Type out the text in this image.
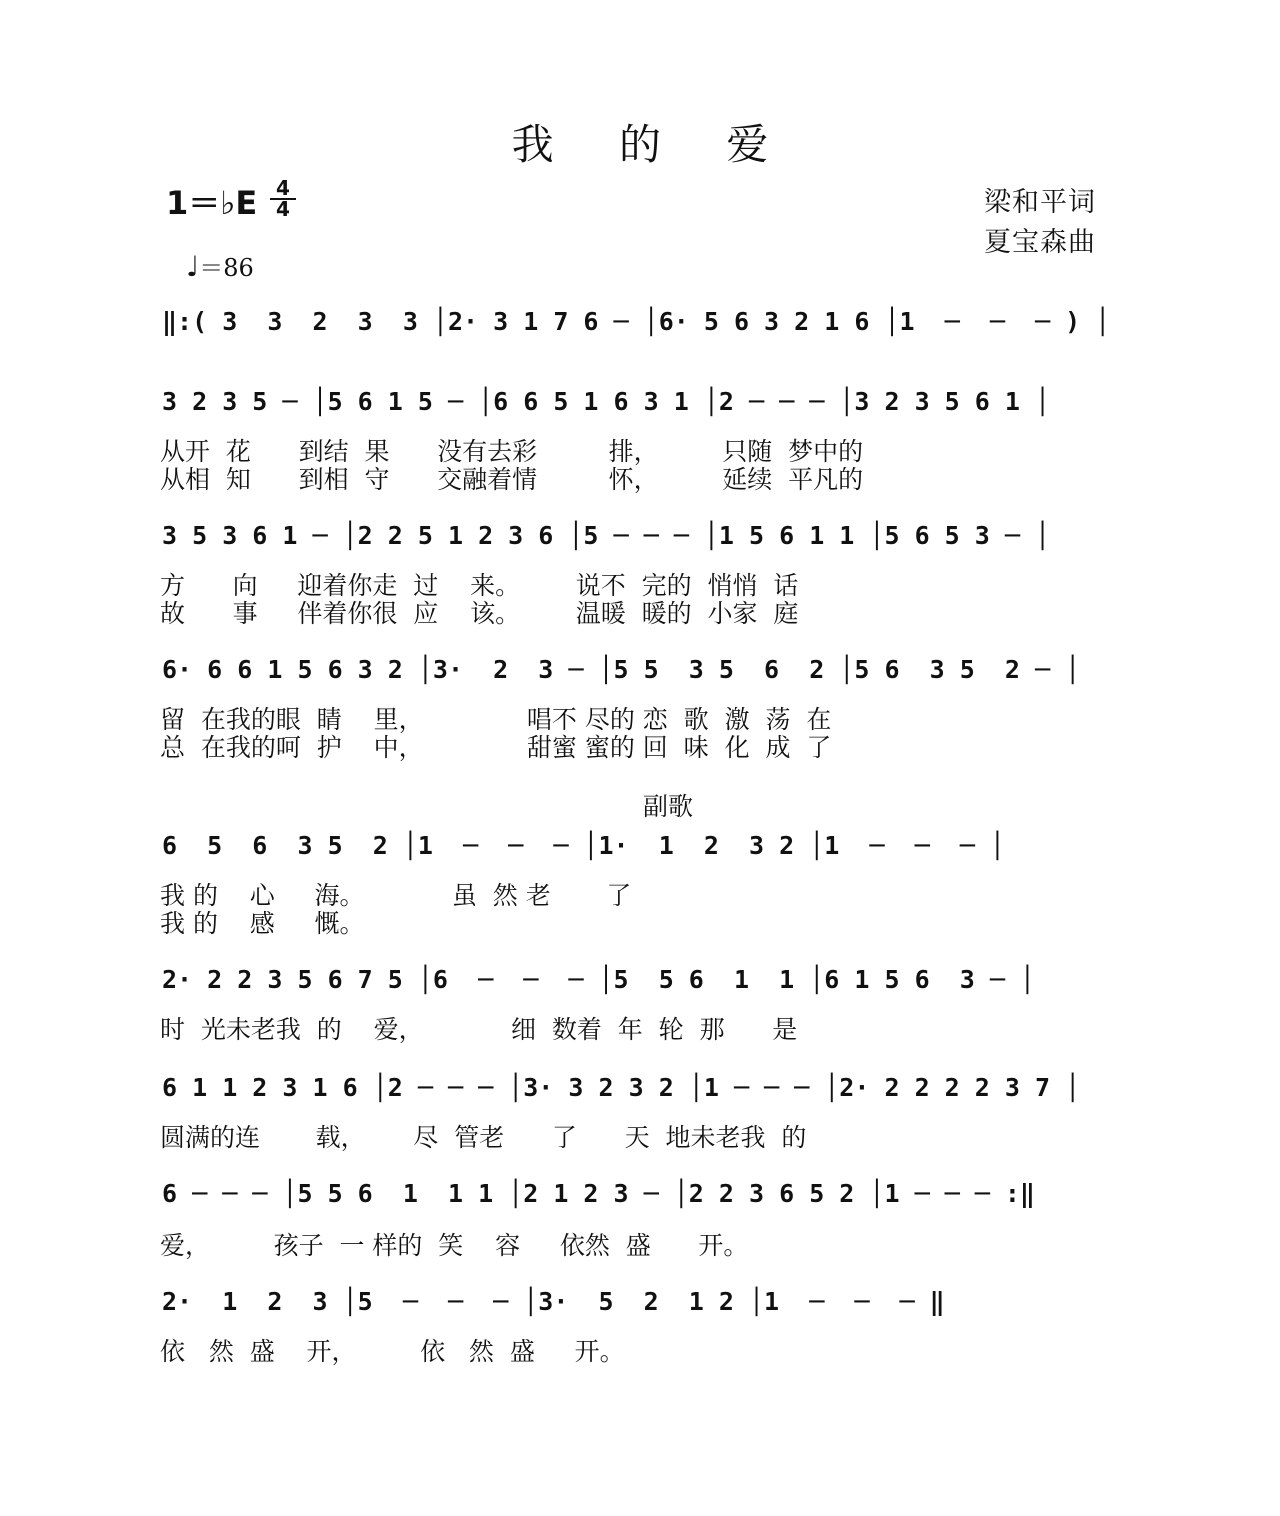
我 的 爱
1＝♭E 4
4	梁和平词
夏宝森曲
♩＝86
‖:( 3  3  2  3  3 │2· 3 1 7 6 ─ │6· 5 6 3 2 1 6 │1  ─  ─  ─ ) │
3 2 3 5 ─ │5 6 1 5 ─ │6 6 5 1 6 3 1 │2 ─ ─ ─ │3 2 3 5 6 1 │
从开  花      到结  果      没有去彩         排，        只随  梦中的
从相  知      到相  守      交融着情         怀，        延续  平凡的
3 5 3 6 1 ─ │2 2 5 1 2 3 6 │5 ─ ─ ─ │1 5 6 1 1 │5 6 5 3 ─ │
方      向     迎着你走  过    来。       说不  完的  悄悄  话
故      事     伴着你很  应    该。       温暖  暖的  小家  庭
6· 6 6 1 5 6 3 2 │3·  2  3 ─ │5 5  3 5  6  2 │5 6  3 5  2 ─ │
留  在我的眼  睛    里，             唱不 尽的 恋  歌  激  荡  在
总  在我的呵  护    中，             甜蜜 蜜的 回  味  化  成  了
副歌
6  5  6  3 5  2 │1  ─  ─  ─ │1·  1  2  3 2 │1  ─  ─  ─ │
我 的    心     海。           虽  然 老       了
我 的    感     慨。
2· 2 2 3 5 6 7 5 │6  ─  ─  ─ │5  5 6  1  1 │6 1 5 6  3 ─ │
时  光未老我  的    爱，           细  数着  年  轮  那      是
6 1 1 2 3 1 6 │2 ─ ─ ─ │3· 3 2 3 2 │1 ─ ─ ─ │2· 2 2 2 2 3 7 │
圆满的连       载，      尽  管老      了      天  地未老我  的
6 ─ ─ ─ │5 5 6  1  1 1 │2 1 2 3 ─ │2 2 3 6 5 2 │1 ─ ─ ─ :‖
爱，        孩子  一 样的  笑    容     依然  盛      开。
2·  1  2  3 │5  ─  ─  ─ │3·  5  2  1 2 │1  ─  ─  ─ ‖
依   然  盛    开，        依   然  盛     开。
